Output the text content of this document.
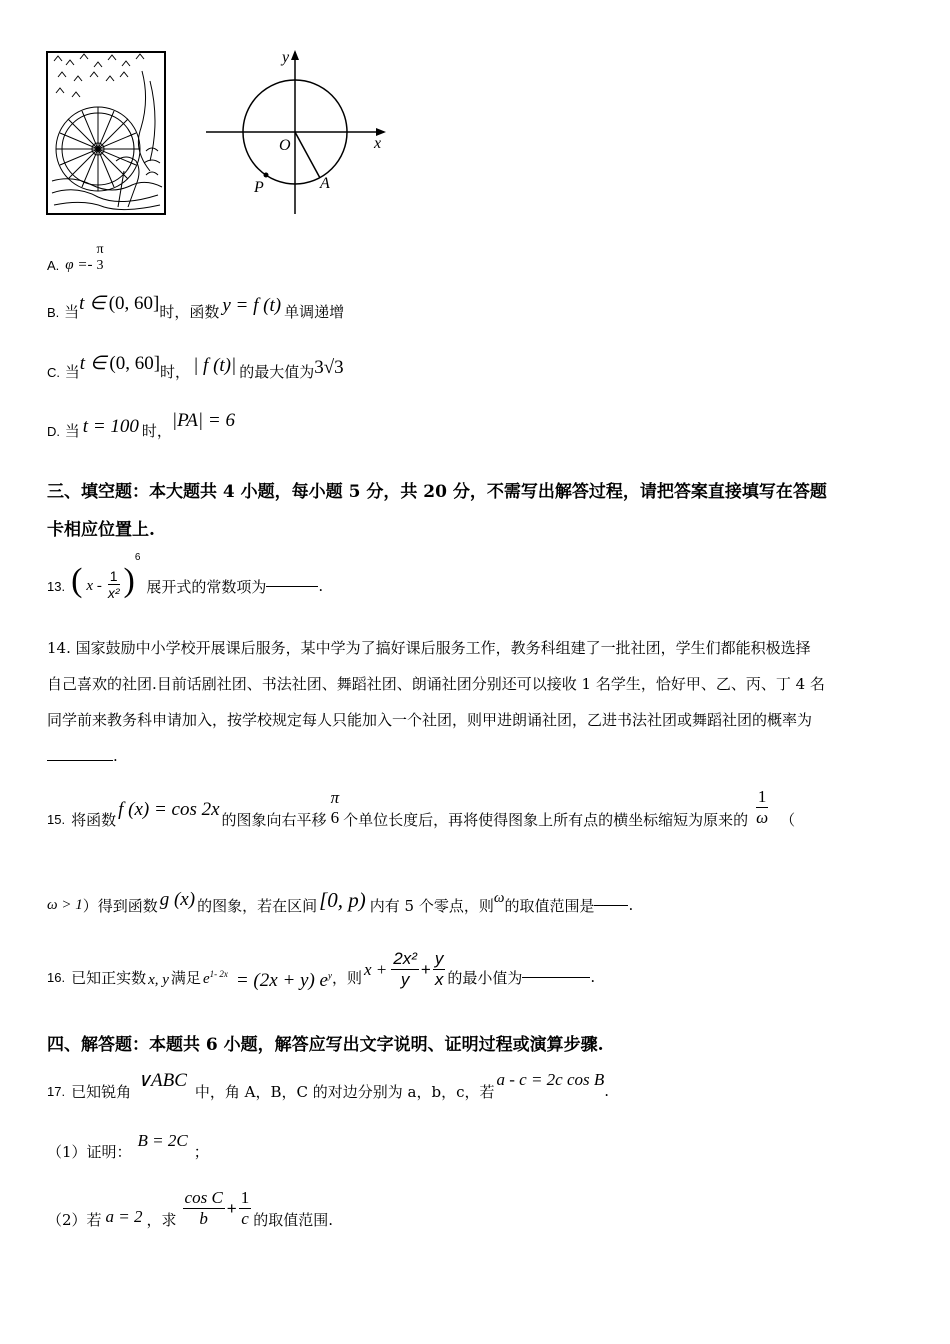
y
x
O
P	A
A. φ =-
π
3
B. 当t ∈ (0, 60]时，函数 y = f (t) 单调递增
C. 当t ∈ (0, 60]时， | f (t)| 的最大值为3√3
D. 当 t = 100 时，|PA| = 6
三、填空题：本大题共 4 小题，每小题 5 分，共 20 分，不需写出解答过程，请把答案直接填写在答题
卡相应位置上.
13. ( x - $\frac{1}{\text{x²}}$ )
6
展开式的常数项为	.
14. 国家鼓励中小学校开展课后服务，某中学为了搞好课后服务工作，教务科组建了一批社团，学生们都能积极选择
自己喜欢的社团.目前话剧社团、书法社团、舞蹈社团、朗诵社团分别还可以接收 1 名学生，恰好甲、乙、丙、丁 4 名
同学前来教务科申请加入，按学校规定每人只能加入一个社团，则甲进朗诵社团，乙进书法社团或舞蹈社团的概率为
.
15. 将函数 f (x) = cos 2x 的图象向右平移
π
6 个单位长度后，再将使得图象上所有点的横坐标缩短为原来的 $\frac{1}{\omega}$ （
ω > 1 ）得到函数 g (x) 的图象，若在区间 [0, p) 内有 5 个零点，则 ω 的取值范围是 .
16. 已知正实数 x, y 满足 $e^{1- 2x} = (2x + y)$ $e^y$ ，则 $x + \frac{\text{2x²}}{y} + \frac{y}{x}$ 的最小值为	.
四、解答题：本题共 6 小题，解答应写出文字说明、证明过程或演算步骤.
17. 已知锐角
∨ABC
中，角 A，B，C 的对边分别为 a，b，c，若
a - c = 2c cos B
.
（1）证明：
B = 2C
；
（2）若 a = 2 ，求 $\frac{\text{cos C}}{b} + \frac{1}{c}$ 的取值范围.
